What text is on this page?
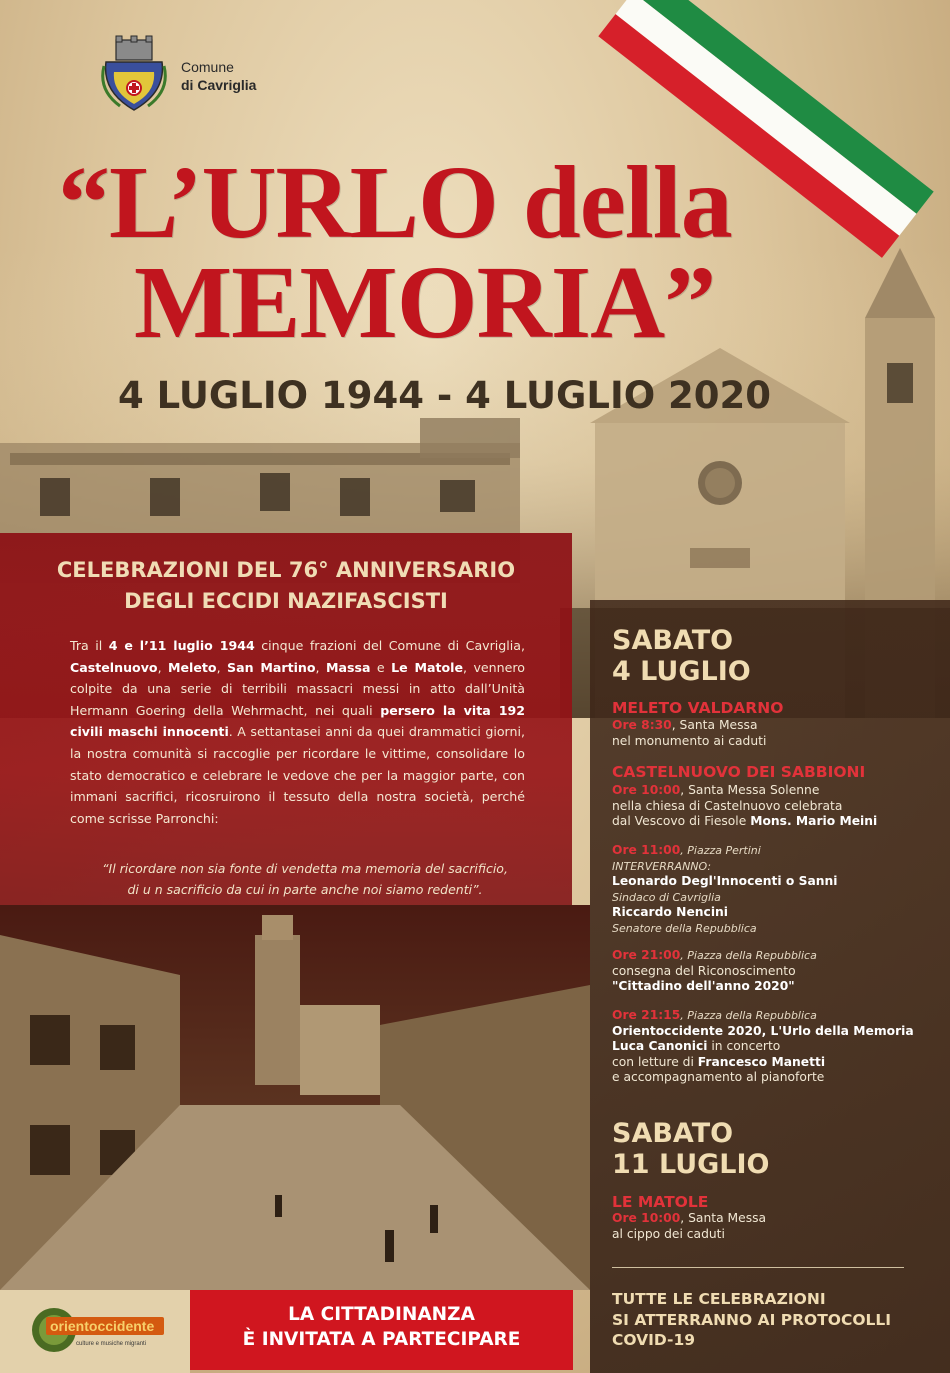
Comune
di Cavriglia
“L’URLO della
MEMORIA”
4 LUGLIO 1944 - 4 LUGLIO 2020
CELEBRAZIONI DEL 76° ANNIVERSARIO
DEGLI ECCIDI NAZIFASCISTI
Tra il 4 e l’11 luglio 1944 cinque frazioni del Comune di Cavriglia, Castelnuovo, Meleto, San Martino, Massa e Le Matole, vennero colpite da una serie di terribili massacri messi in atto dall’Unità Hermann Goering della Wehrmacht, nei quali persero la vita 192 civili maschi innocenti. A settantasei anni da quei drammatici giorni, la nostra comunità si raccoglie per ricordare le vittime, consolidare lo stato democratico e celebrare le vedove che per la maggior parte, con immani sacrifici, ricosruirono il tessuto della nostra società, perché come scrisse Parronchi:
“Il ricordare non sia fonte di vendetta ma memoria del sacrificio,
di u n sacrificio da cui in parte anche noi siamo redenti”.
SABATO
4 LUGLIO
MELETO VALDARNO
Ore 8:30, Santa Messa
nel monumento ai caduti
CASTELNUOVO DEI SABBIONI
Ore 10:00, Santa Messa Solenne
nella chiesa di Castelnuovo celebrata
dal Vescovo di Fiesole Mons. Mario Meini
Ore 11:00, Piazza Pertini
INTERVERRANNO:
Leonardo Degl'Innocenti o Sanni
Sindaco di Cavriglia
Riccardo Nencini
Senatore della Repubblica
Ore 21:00, Piazza della Repubblica
consegna del Riconoscimento
"Cittadino dell'anno 2020"
Ore 21:15, Piazza della Repubblica
Orientoccidente 2020, L'Urlo della Memoria
Luca Canonici in concerto
con letture di Francesco Manetti
e accompagnamento al pianoforte
SABATO
11 LUGLIO
LE MATOLE
Ore 10:00, Santa Messa
al cippo dei caduti
TUTTE LE CELEBRAZIONI
SI ATTERRANNO AI PROTOCOLLI
COVID-19
orientoccidente
culture e musiche migranti
LA CITTADINANZA
È INVITATA A PARTECIPARE
